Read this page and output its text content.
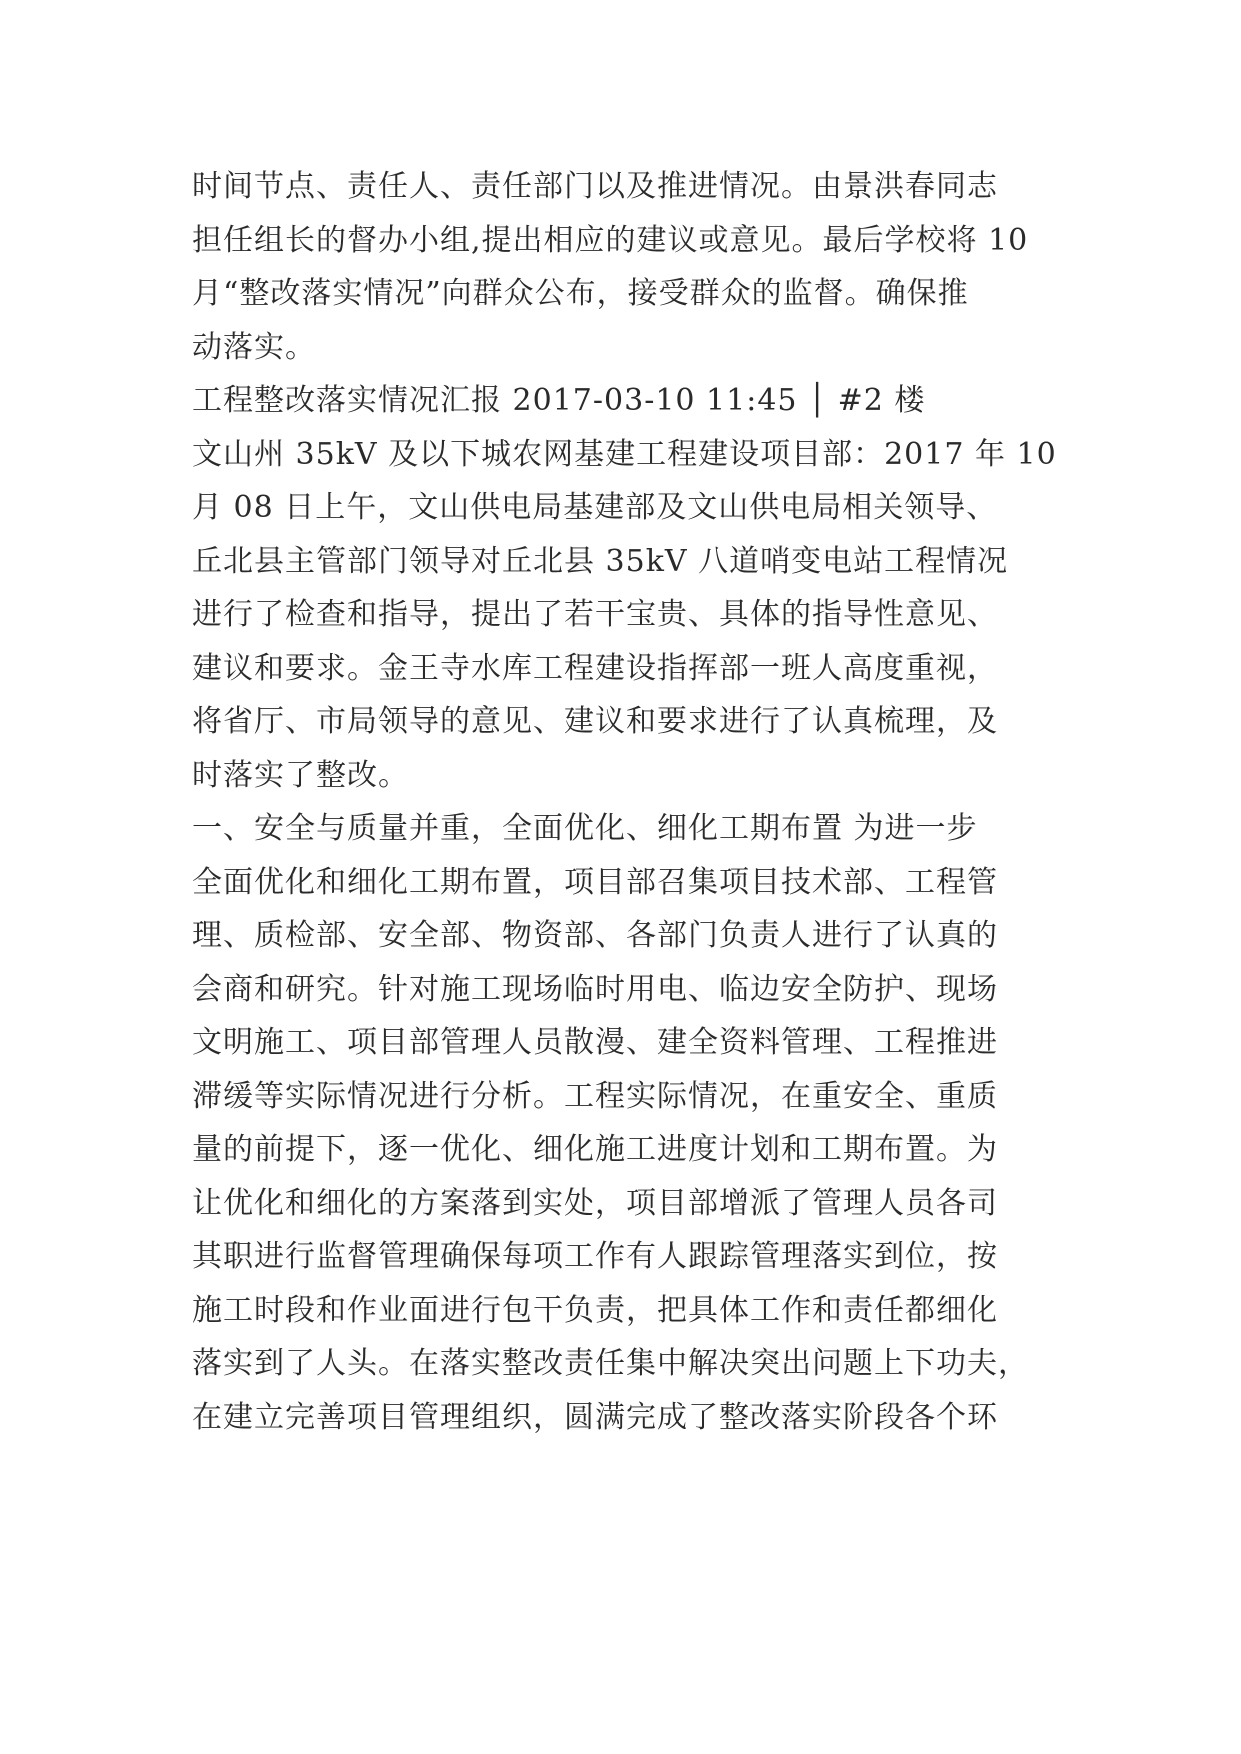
时间节点、责任人、责任部门以及推进情况。由景洪春同志
担任组长的督办小组,提出相应的建议或意见。最后学校将 10
月“整改落实情况”向群众公布，接受群众的监督。确保推
动落实。
工程整改落实情况汇报 2017-03-10 11:45 │ #2 楼
文山州 35kV 及以下城农网基建工程建设项目部：2017 年 10
月 08 日上午，文山供电局基建部及文山供电局相关领导、
丘北县主管部门领导对丘北县 35kV 八道哨变电站工程情况
进行了检查和指导，提出了若干宝贵、具体的指导性意见、
建议和要求。金王寺水库工程建设指挥部一班人高度重视，
将省厅、市局领导的意见、建议和要求进行了认真梳理，及
时落实了整改。
一、安全与质量并重，全面优化、细化工期布置 为进一步
全面优化和细化工期布置，项目部召集项目技术部、工程管
理、质检部、安全部、物资部、各部门负责人进行了认真的
会商和研究。针对施工现场临时用电、临边安全防护、现场
文明施工、项目部管理人员散漫、建全资料管理、工程推进
滞缓等实际情况进行分析。工程实际情况，在重安全、重质
量的前提下，逐一优化、细化施工进度计划和工期布置。为
让优化和细化的方案落到实处，项目部增派了管理人员各司
其职进行监督管理确保每项工作有人跟踪管理落实到位，按
施工时段和作业面进行包干负责，把具体工作和责任都细化
落实到了人头。在落实整改责任集中解决突出问题上下功夫，
在建立完善项目管理组织，圆满完成了整改落实阶段各个环
